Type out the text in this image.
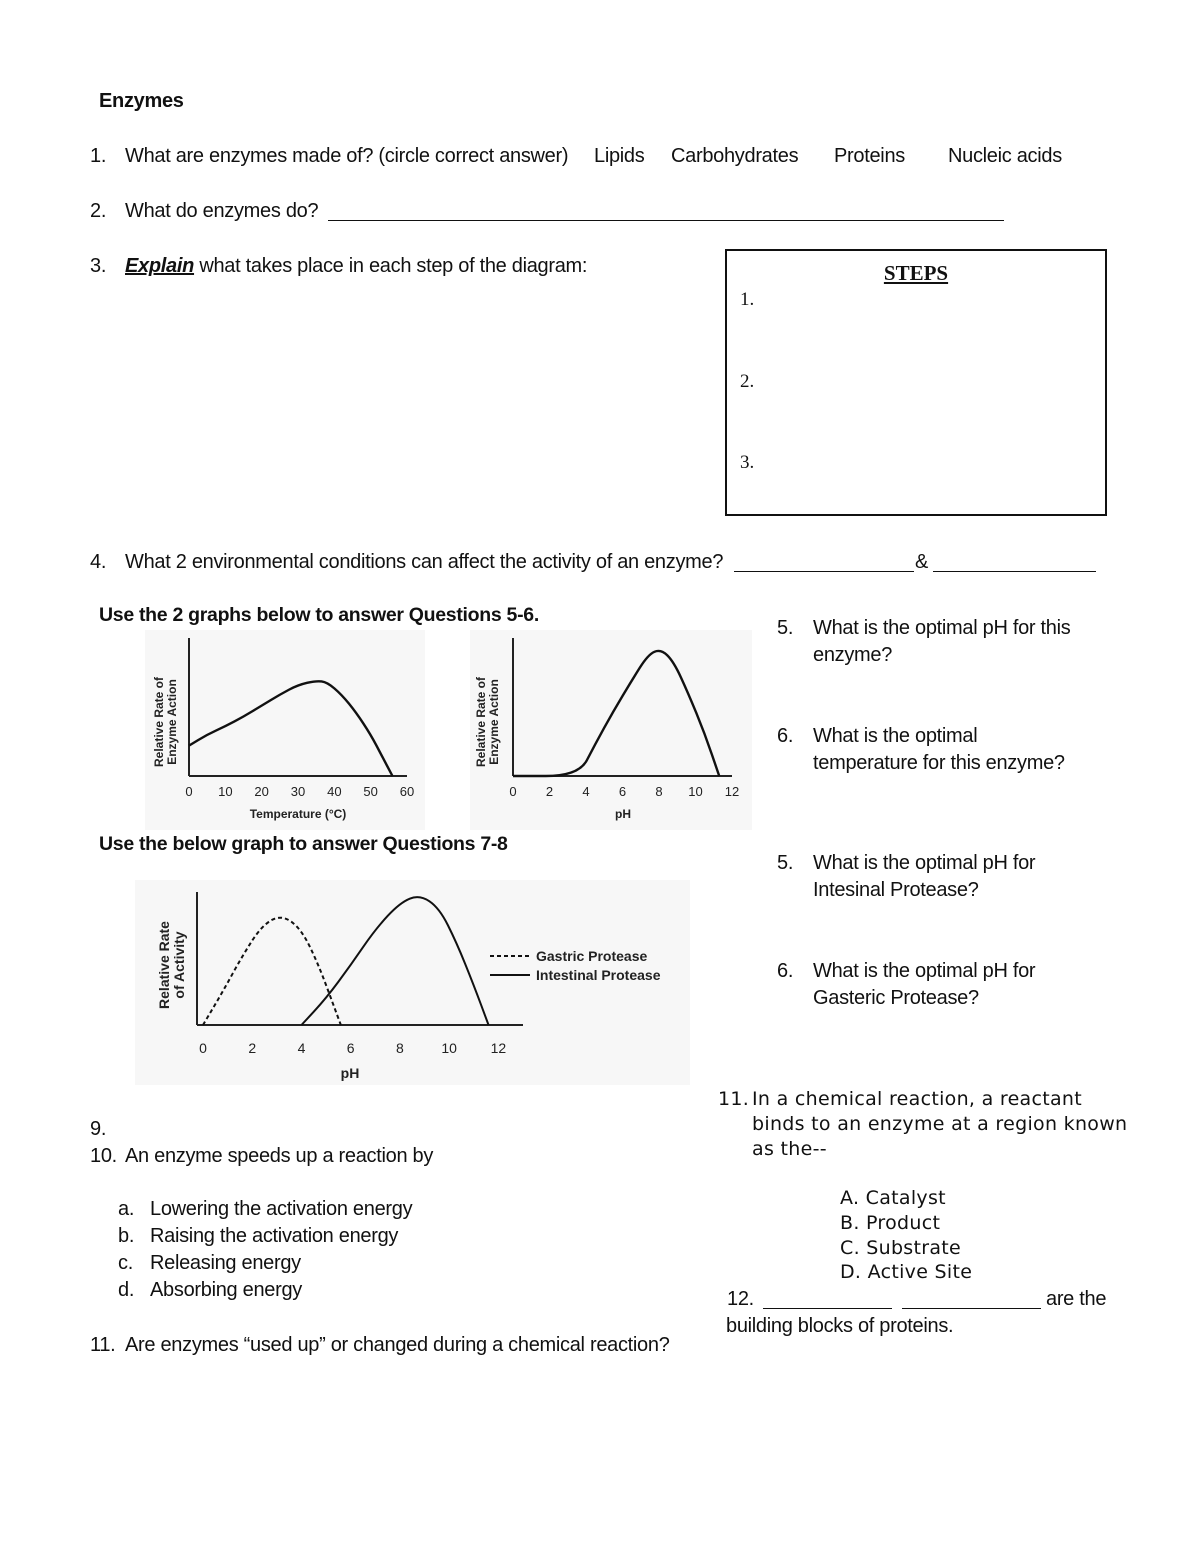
Enzymes
1. What are enzymes made of? (circle correct answer) Lipids Carbohydrates Proteins Nucleic acids
2. What do enzymes do?
3. Explain what takes place in each step of the diagram:	STEPS
1.
2.
3.
4. What 2 environmental conditions can affect the activity of an enzyme?	&
Use the 2 graphs below to answer Questions 5-6.
Use the below graph to answer Questions 7-8
5. What is the optimal pH for this
enzyme?
6. What is the optimal
temperature for this enzyme?
5. What is the optimal pH for
Intesinal Protease?
6. What is the optimal pH for
Gasteric Protease?
0 10 20 30 40 50 60
Relative Rate ofEnzyme Action
Temperature (°C)
0 2 4 6 8 10 12
Relative Rate ofEnzyme Action
pH
0	2	4	6	8	10 12
Relative Rateof Activity
pH
Gastric Protease
Intestinal Protease
9.
10. An enzyme speeds up a reaction by
a. Lowering the activation energy
b. Raising the activation energy
c. Releasing energy
d. Absorbing energy
11. Are enzymes “used up” or changed during a chemical reaction?
11. In a chemical reaction, a reactant
binds to an enzyme at a region known
as the--
A. Catalyst
B. Product
C. Substrate
D. Active Site
12.	are the
building blocks of proteins.
